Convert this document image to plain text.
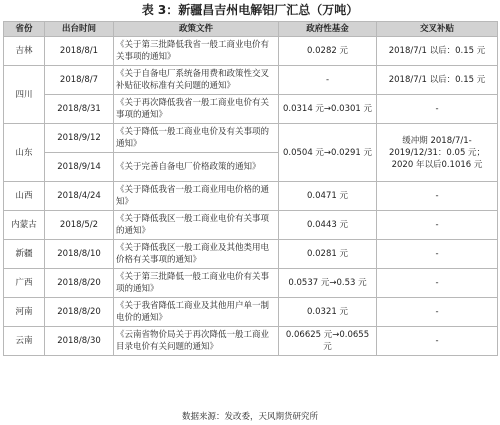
表 3：新疆昌吉州电解铝厂汇总（万吨）
省份	出台时间	政策文件	政府性基金	交叉补贴
吉林	2018/8/1	《关于第三批降低我省一般工商业电价有关事项的通知》	0.0282 元	2018/7/1 以后：0.15 元
四川	2018/8/7	《关于自备电厂系统备用费和政策性交叉补贴征收标准有关问题的通知》	-	2018/7/1 以后：0.15 元
	2018/8/31	《关于再次降低我省一般工商业电价有关事项的通知》	0.0314 元→0.0301 元	-
山东	2018/9/12	《关于降低一般工商业电价及有关事项的通知》	0.0504 元→0.0291 元	缓冲期 2018/7/1-2019/12/31：0.05 元；2020 年以后0.1016 元
	2018/9/14	《关于完善自备电厂价格政策的通知》		
山西	2018/4/24	《关于降低我省一般工商业用电价格的通知》	0.0471 元	-
内蒙古	2018/5/2	《关于降低我区一般工商业电价有关事项的通知》	0.0443 元	-
新疆	2018/8/10	《关于降低我区一般工商业及其他类用电价格有关事项的通知》	0.0281 元	-
广西	2018/8/20	《关于第三批降低一般工商业电价有关事项的通知》	0.0537 元→0.53 元	-
河南	2018/8/20	《关于我省降低工商业及其他用户单一制电价的通知》	0.0321 元	-
云南	2018/8/30	《云南省物价局关于再次降低一般工商业目录电价有关问题的通知》	0.06625 元→0.0655 元	-
数据来源：发改委，天风期货研究所
